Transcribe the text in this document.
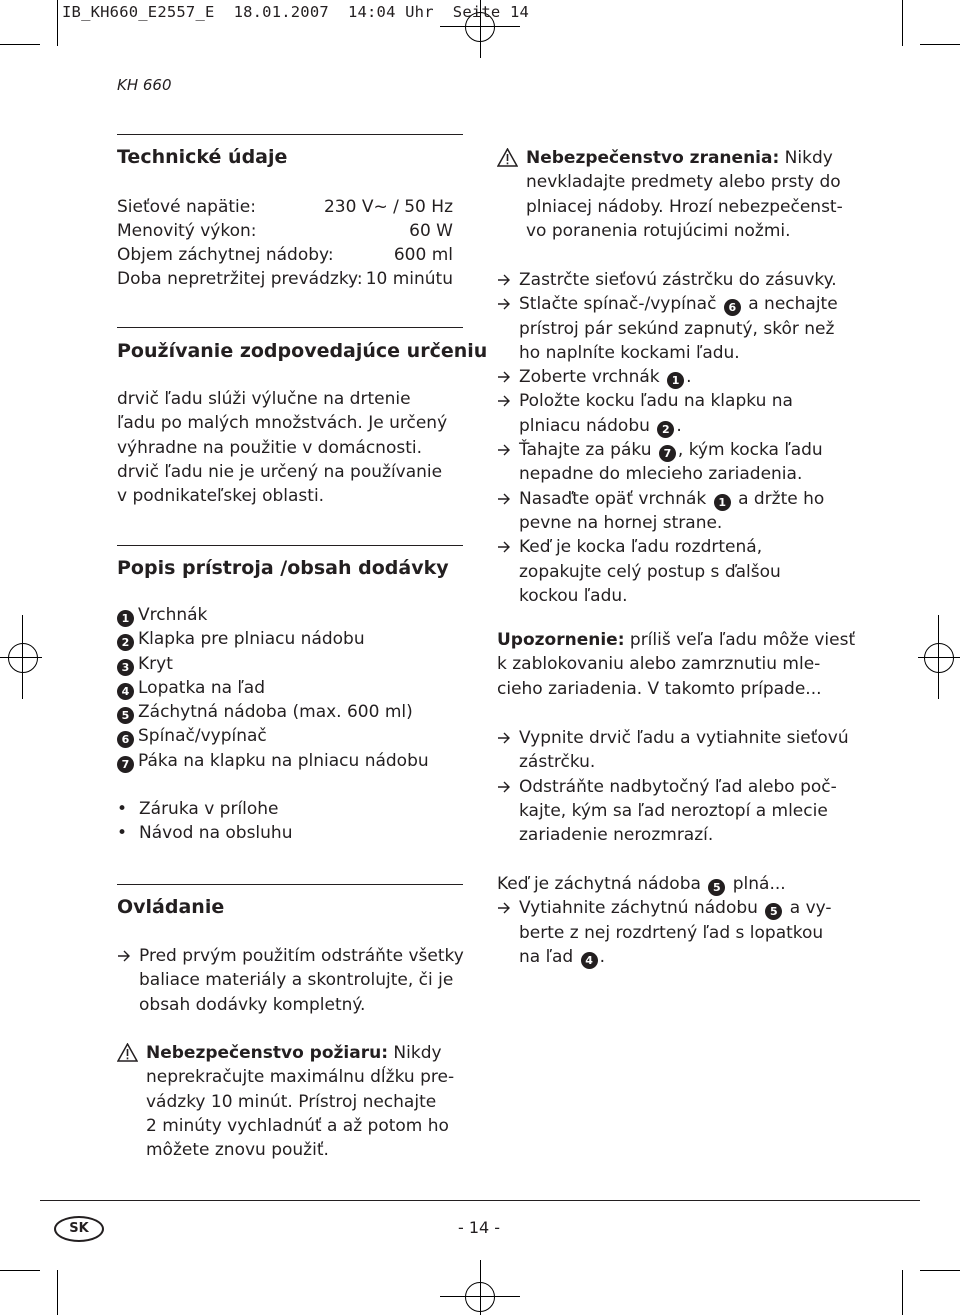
IB_KH660_E2557_E  18.01.2007  14:04 Uhr  Seite 14
KH 660
Technické údaje
Sieťové napätie:	230 V~ / 50 Hz
Menovitý výkon:	60 W
Objem záchytnej nádoby:	600 ml
Doba nepretržitej prevádzky: 10 minútu
Používanie zodpovedajúce určeniu
drvič ľadu slúži výlučne na drtenie
ľadu po malých množstvách. Je určený
výhradne na použitie v domácnosti.
drvič ľadu nie je určený na používanie
v podnikateľskej oblasti.
Popis prístroja /obsah dodávky
1 Vrchnák
2 Klapka pre plniacu nádobu
3 Kryt
4 Lopatka na ľad
5 Záchytná nádoba (max. 600 ml)
6 Spínač/vypínač
7 Páka na klapku na plniacu nádobu
• Záruka v prílohe
• Návod na obsluhu
Ovládanie
Pred prvým použitím odstráňte všetky
baliace materiály a skontrolujte, či je
obsah dodávky kompletný.
Nebezpečenstvo požiaru: Nikdy
neprekračujte maximálnu dĺžku pre-
vádzky 10 minút. Prístroj nechajte
2 minúty vychladnúť a až potom ho
môžete znovu použiť.
Nebezpečenstvo zranenia: Nikdy
nevkladajte predmety alebo prsty do
plniacej nádoby. Hrozí nebezpečenst-
vo poranenia rotujúcimi nožmi.
Zastrčte sieťovú zástrčku do zásuvky.
Stlačte spínač-/vypínač 6 a nechajte
prístroj pár sekúnd zapnutý, skôr než
ho naplníte kockami ľadu.
Zoberte vrchnák 1 .
Položte kocku ľadu na klapku na
plniacu nádobu 2 .
Ťahajte za páku 7 , kým kocka ľadu
nepadne do mlecieho zariadenia.
Nasaďte opäť vrchnák 1 a držte ho
pevne na hornej strane.
Keď je kocka ľadu rozdrtená,
zopakujte celý postup s ďalšou
kockou ľadu.
Upozornenie: príliš veľa ľadu môže viesť
k zablokovaniu alebo zamrznutiu mle-
cieho zariadenia. V takomto prípade...
Vypnite drvič ľadu a vytiahnite sieťovú
zástrčku.
Odstráňte nadbytočný ľad alebo poč-
kajte, kým sa ľad neroztopí a mlecie
zariadenie nerozmrazí.
Keď je záchytná nádoba 5 plná...
Vytiahnite záchytnú nádobu 5 a vy-
berte z nej rozdrtený ľad s lopatkou
na ľad 4 .
SK	- 14 -
